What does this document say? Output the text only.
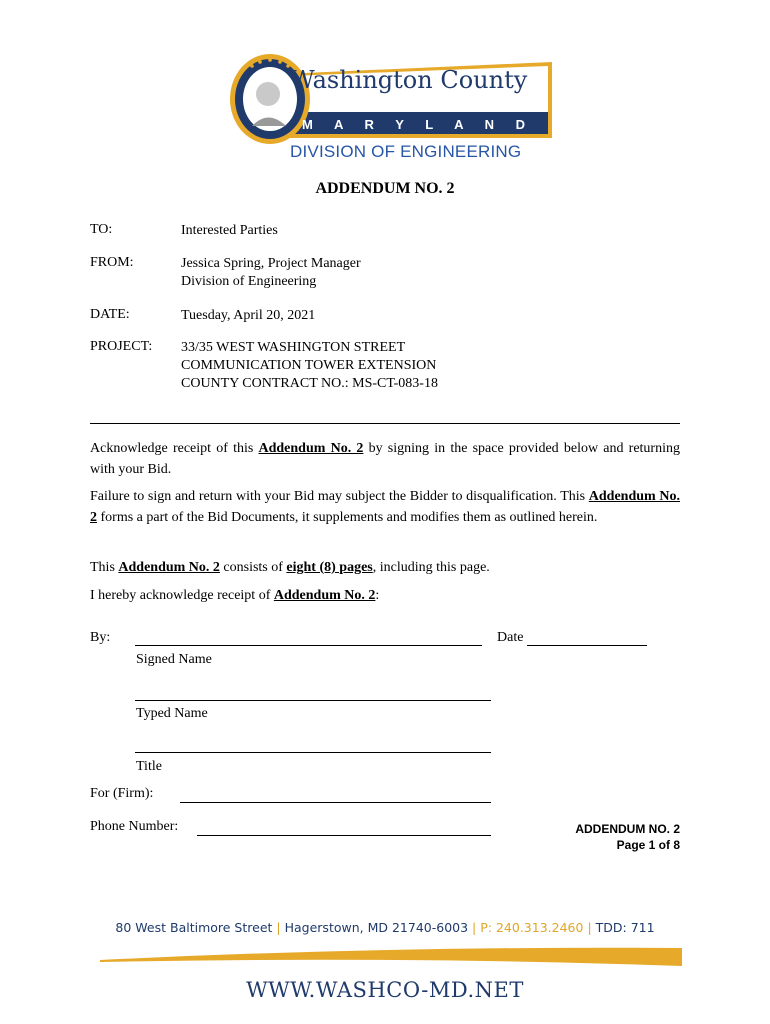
Washington County
M A R Y L A N D
1776
DIVISION OF ENGINEERING
ADDENDUM NO. 2
TO:	Interested Parties
FROM:	Jessica Spring, Project Manager
Division of Engineering
DATE:	Tuesday, April 20, 2021
PROJECT: 33/35 WEST WASHINGTON STREET
COMMUNICATION TOWER EXTENSION
COUNTY CONTRACT NO.: MS-CT-083-18
Acknowledge receipt of this Addendum No. 2 by signing in the space provided below and returning with your Bid.
Failure to sign and return with your Bid may subject the Bidder to disqualification. This Addendum No. 2 forms a part of the Bid Documents, it supplements and modifies them as outlined herein.
This Addendum No. 2 consists of eight (8) pages, including this page.
I hereby acknowledge receipt of Addendum No. 2:
By:	Date
Signed Name
Typed Name
Title
For (Firm):
Phone Number:	ADDENDUM NO. 2
Page 1 of 8
80 West Baltimore Street | Hagerstown, MD 21740-6003 | P: 240.313.2460 | TDD: 711
WWW.WASHCO-MD.NET
